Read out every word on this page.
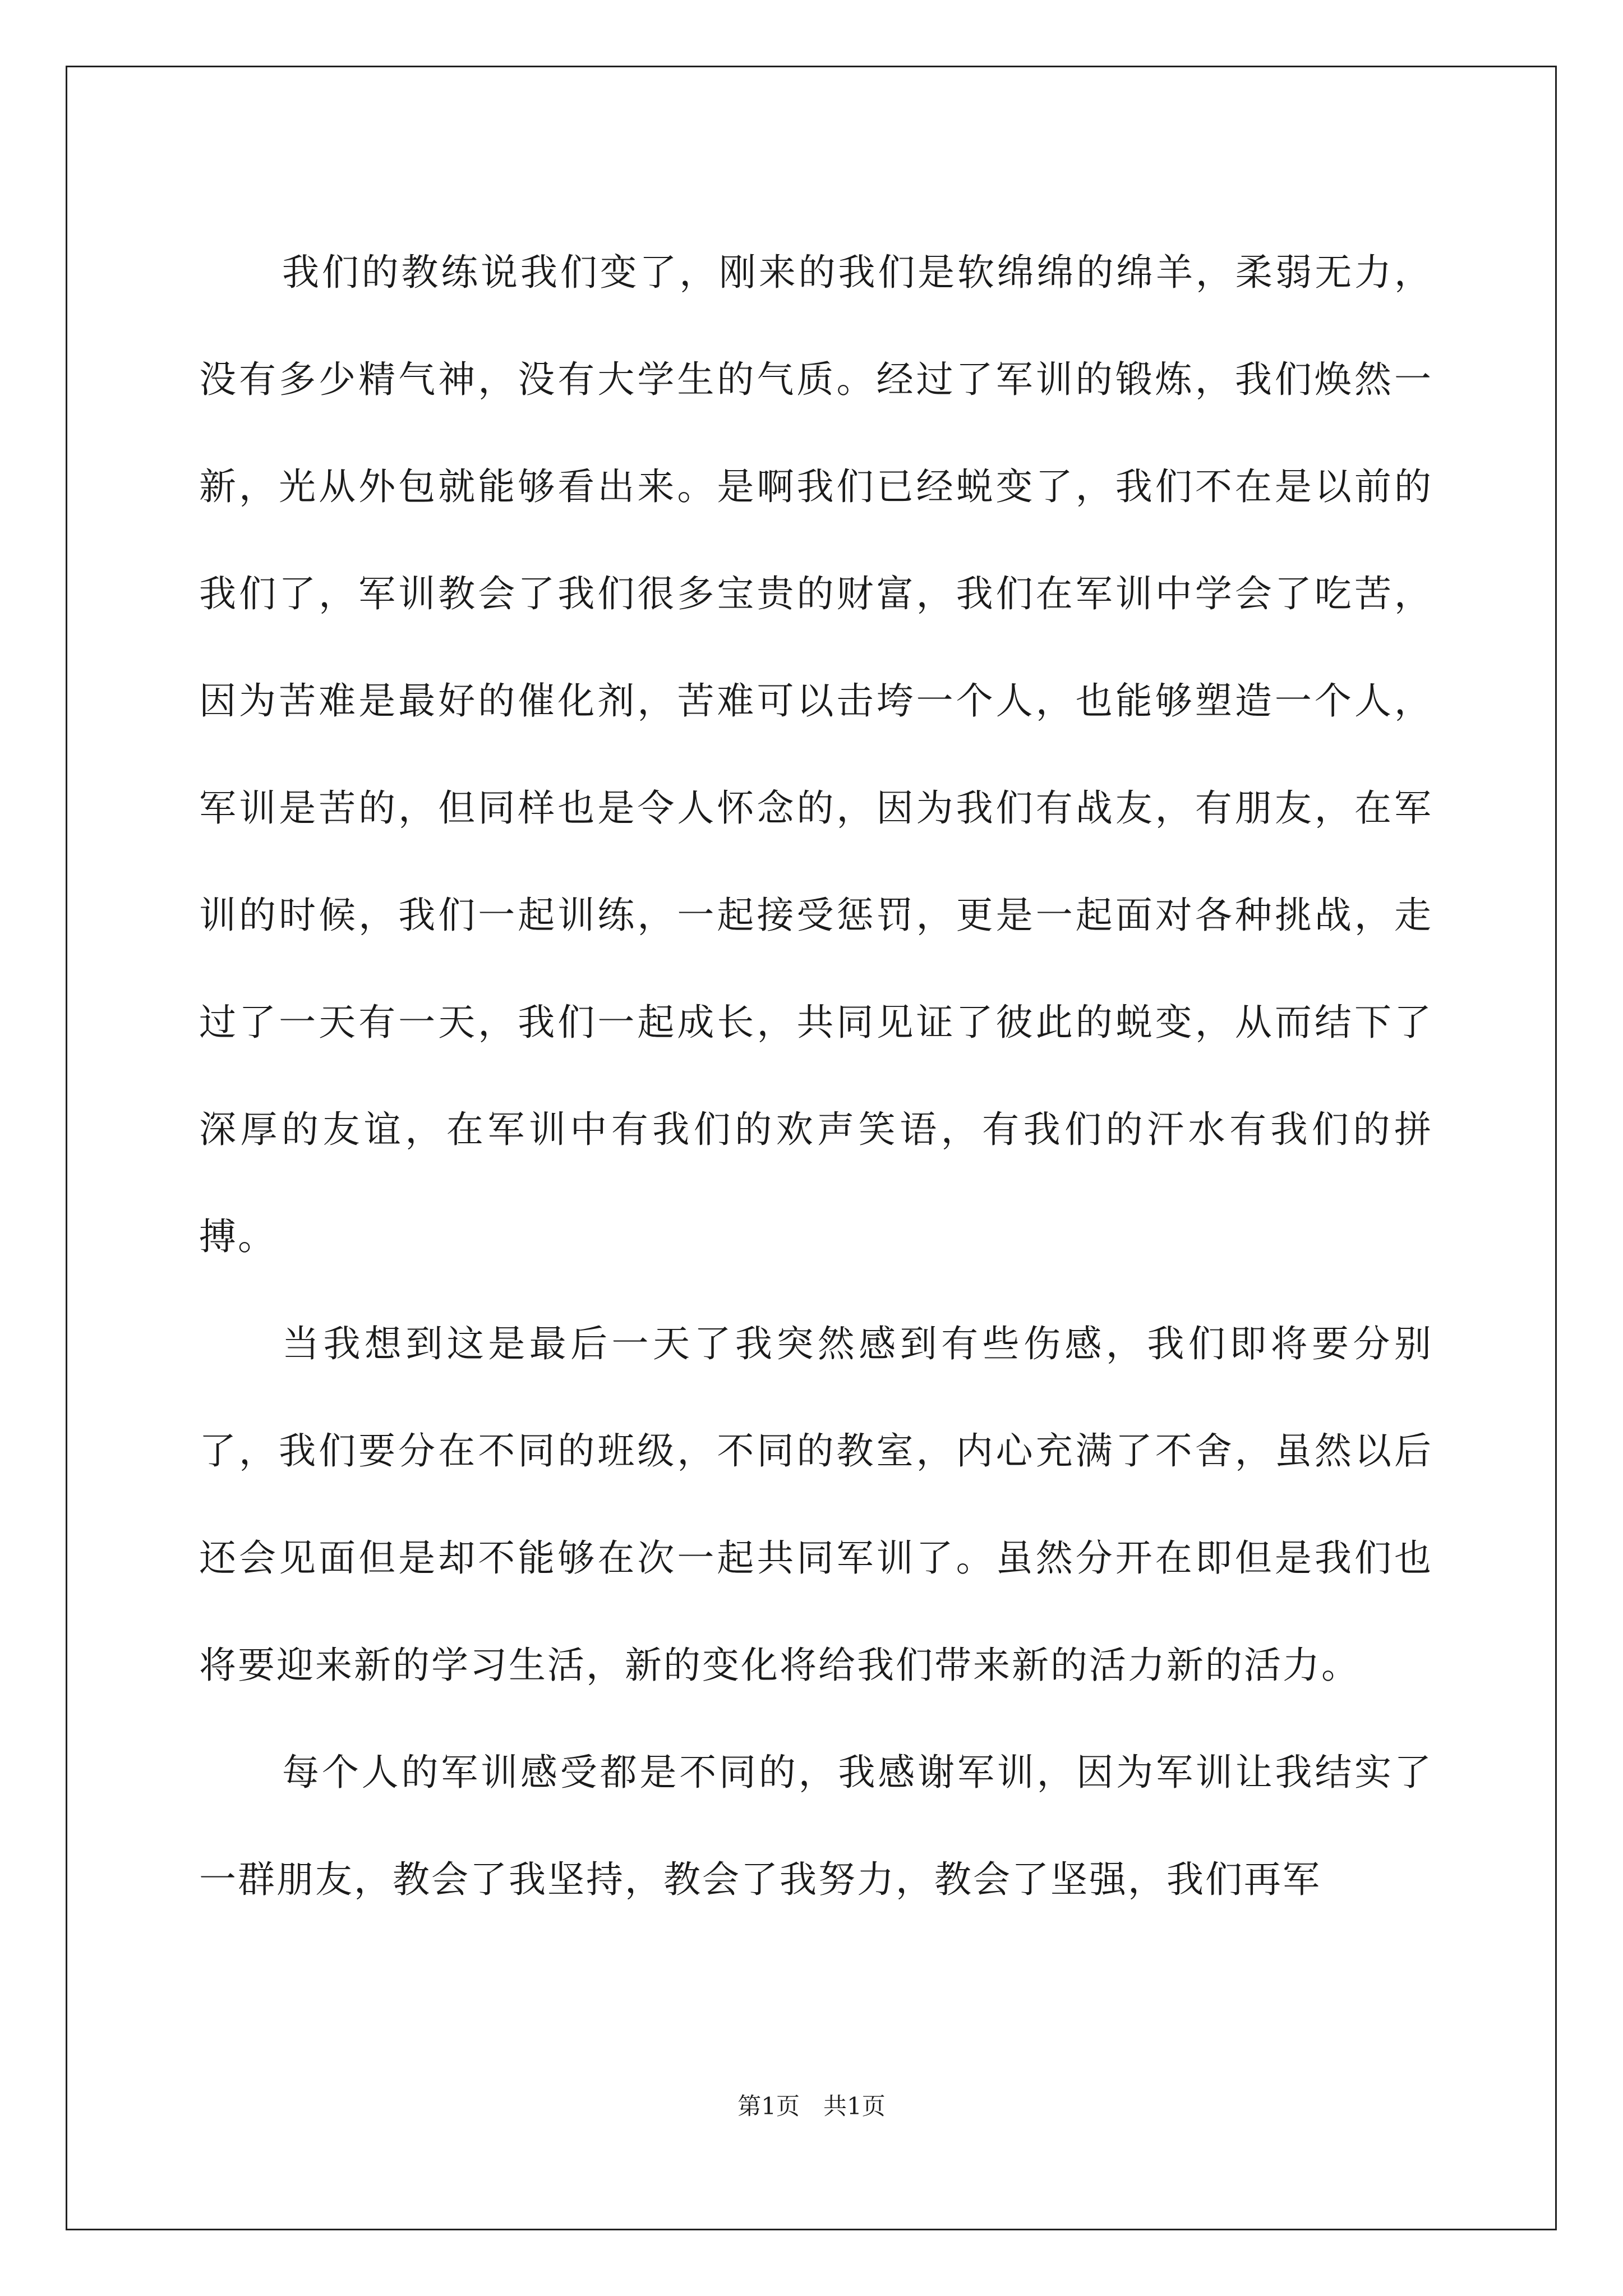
我们的教练说我们变了，刚来的我们是软绵绵的绵羊，柔弱无力，没有多少精气神，没有大学生的气质。经过了军训的锻炼，我们焕然一新，光从外包就能够看出来。是啊我们已经蜕变了，我们不在是以前的我们了，军训教会了我们很多宝贵的财富，我们在军训中学会了吃苦，因为苦难是最好的催化剂，苦难可以击垮一个人，也能够塑造一个人，军训是苦的，但同样也是令人怀念的，因为我们有战友，有朋友，在军训的时候，我们一起训练，一起接受惩罚，更是一起面对各种挑战，走过了一天有一天，我们一起成长，共同见证了彼此的蜕变，从而结下了深厚的友谊，在军训中有我们的欢声笑语，有我们的汗水有我们的拼搏。

当我想到这是最后一天了我突然感到有些伤感，我们即将要分别了，我们要分在不同的班级，不同的教室，内心充满了不舍，虽然以后还会见面但是却不能够在次一起共同军训了。虽然分开在即但是我们也将要迎来新的学习生活，新的变化将给我们带来新的活力新的活力。

每个人的军训感受都是不同的，我感谢军训，因为军训让我结实了一群朋友，教会了我坚持，教会了我努力，教会了坚强，我们再军

第1页　共1页
